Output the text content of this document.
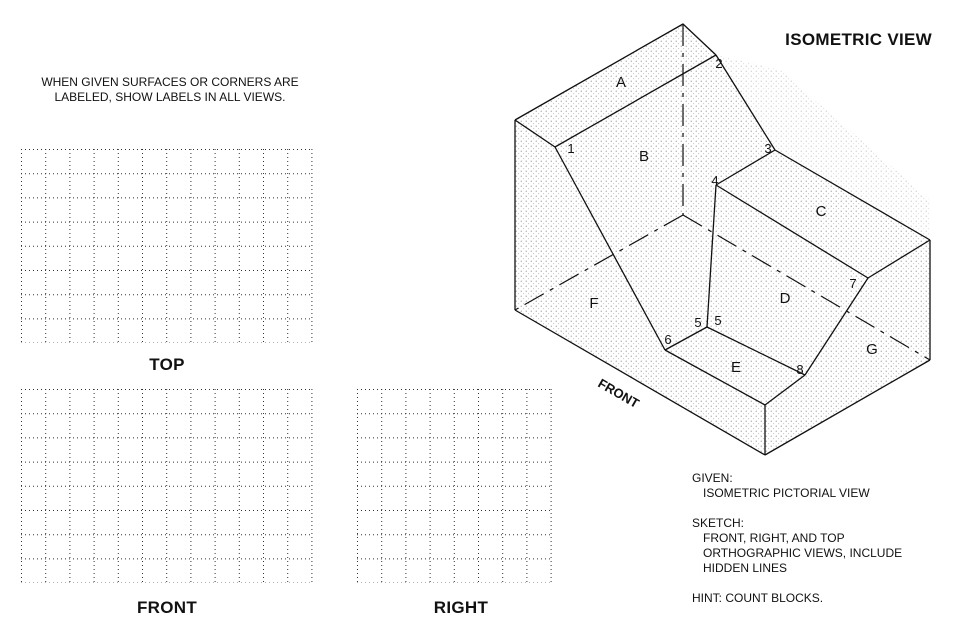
WHEN GIVEN SURFACES OR CORNERS ARE
LABELED, SHOW LABELS IN ALL VIEWS.
TOP
FRONT	RIGHT
ISOMETRIC VIEW
A
B
C
D
E
F
G
1
2
3
4
5 5
6
7
8
FRONT
GIVEN:
ISOMETRIC PICTORIAL VIEW
SKETCH:
FRONT, RIGHT, AND TOP
ORTHOGRAPHIC VIEWS, INCLUDE
HIDDEN LINES
HINT: COUNT BLOCKS.
